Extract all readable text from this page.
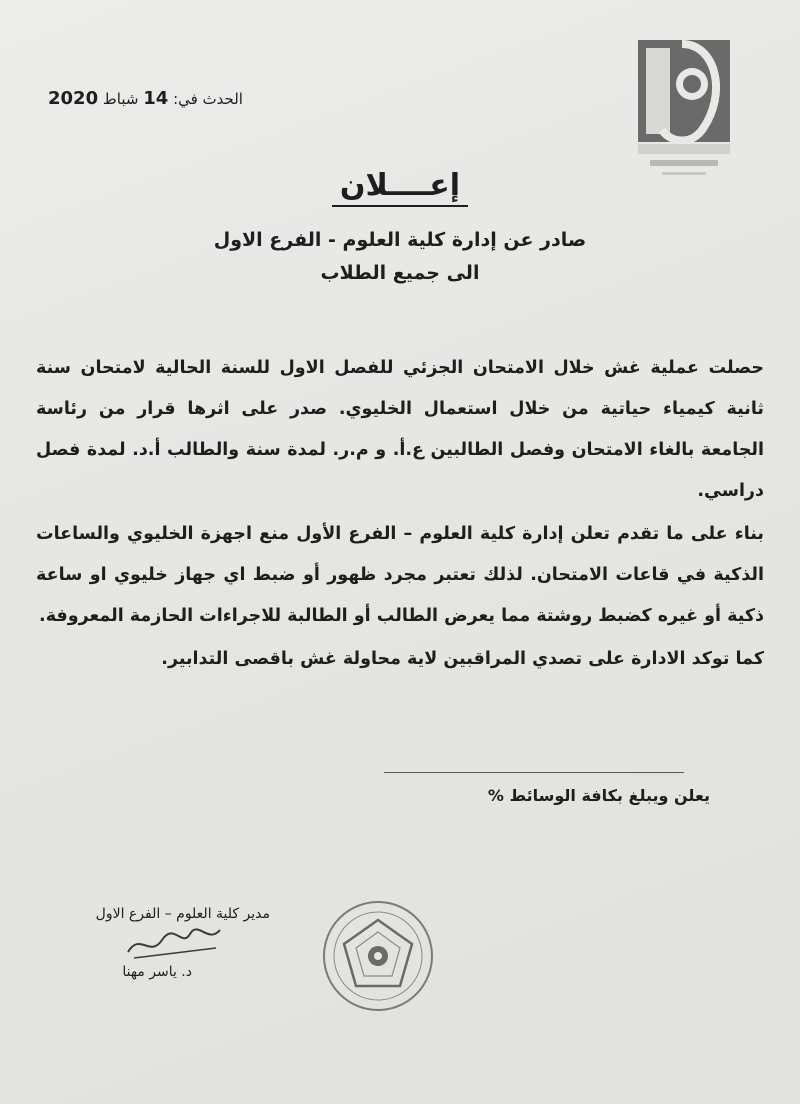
الحدث في: 14 شباط 2020
إعــــلان
صادر عن إدارة كلية العلوم - الفرع الاول
الى جميع الطلاب

حصلت عملية غش خلال الامتحان الجزئي للفصل الاول للسنة الحالية لامتحان سنة ثانية كيمياء حياتية من خلال استعمال الخليوي. صدر على اثرها قرار من رئاسة الجامعة بالغاء الامتحان وفصل الطالبين ع.أ. و م.ر. لمدة سنة والطالب أ.د. لمدة فصل دراسي.

بناء على ما تقدم تعلن إدارة كلية العلوم – الفرع الأول منع اجهزة الخليوي والساعات الذكية في قاعات الامتحان. لذلك تعتبر مجرد ظهور أو ضبط اي جهاز خليوي او ساعة ذكية أو غيره كضبط روشتة مما يعرض الطالب أو الطالبة للاجراءات الحازمة المعروفة.

كما توكد الادارة على تصدي المراقبين لاية محاولة غش باقصى التدابير.

يعلن ويبلغ بكافة الوسائط %
مدير كلية العلوم – الفرع الاول
د. ياسر مهنا
